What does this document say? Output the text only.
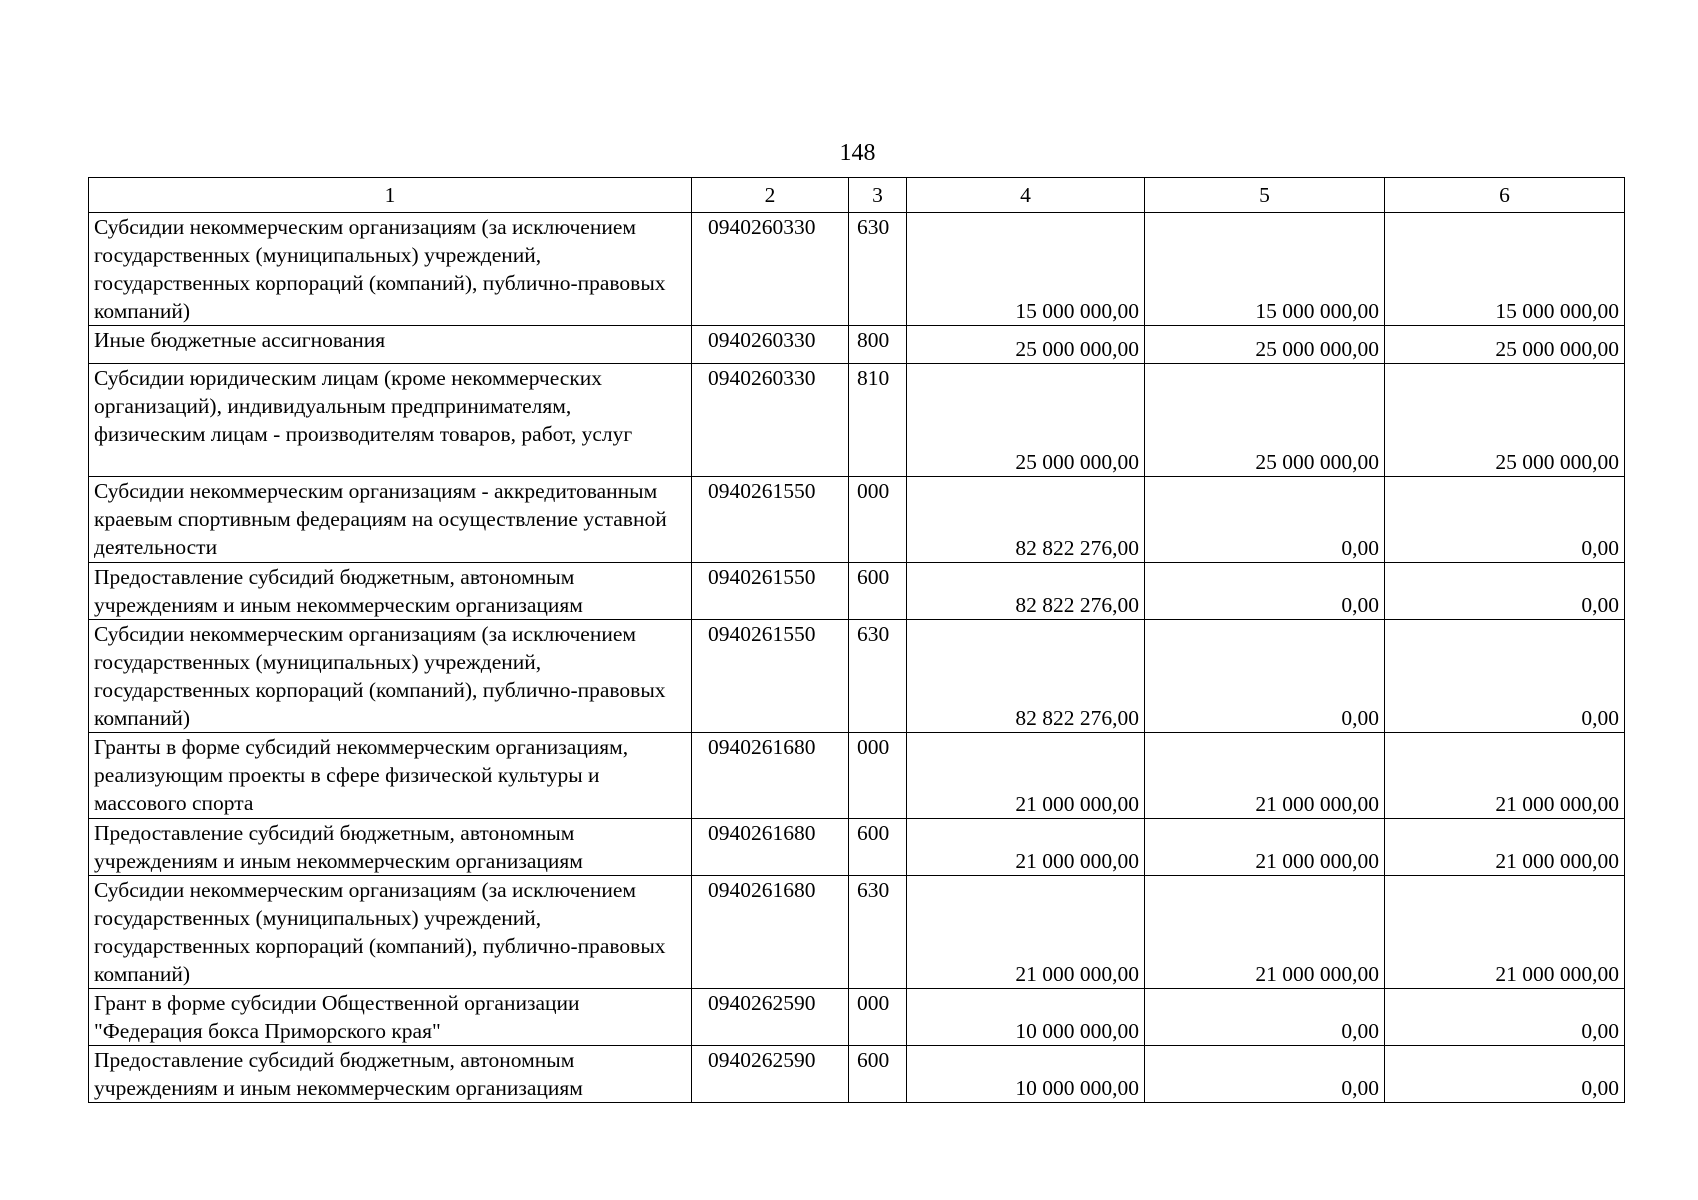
148
1	2	3	4	5	6
Субсидии некоммерческим организациям (за исключением государственных (муниципальных) учреждений, государственных корпораций (компаний), публично-правовых компаний)	0940260330	630	15 000 000,00	15 000 000,00	15 000 000,00
Иные бюджетные ассигнования	0940260330	800	25 000 000,00	25 000 000,00	25 000 000,00
Субсидии юридическим лицам (кроме некоммерческих организаций), индивидуальным предпринимателям, физическим лицам - производителям товаров, работ, услуг	0940260330	810	25 000 000,00	25 000 000,00	25 000 000,00
Субсидии некоммерческим организациям - аккредитованным краевым спортивным федерациям на осуществление уставной деятельности	0940261550	000	82 822 276,00	0,00	0,00
Предоставление субсидий бюджетным, автономным учреждениям и иным некоммерческим организациям	0940261550	600	82 822 276,00	0,00	0,00
Субсидии некоммерческим организациям (за исключением государственных (муниципальных) учреждений, государственных корпораций (компаний), публично-правовых компаний)	0940261550	630	82 822 276,00	0,00	0,00
Гранты в форме субсидий некоммерческим организациям, реализующим проекты в сфере физической культуры и массового спорта	0940261680	000	21 000 000,00	21 000 000,00	21 000 000,00
Предоставление субсидий бюджетным, автономным учреждениям и иным некоммерческим организациям	0940261680	600	21 000 000,00	21 000 000,00	21 000 000,00
Субсидии некоммерческим организациям (за исключением государственных (муниципальных) учреждений, государственных корпораций (компаний), публично-правовых компаний)	0940261680	630	21 000 000,00	21 000 000,00	21 000 000,00
Грант в форме субсидии Общественной организации "Федерация бокса Приморского края"	0940262590	000	10 000 000,00	0,00	0,00
Предоставление субсидий бюджетным, автономным учреждениям и иным некоммерческим организациям	0940262590	600	10 000 000,00	0,00	0,00
